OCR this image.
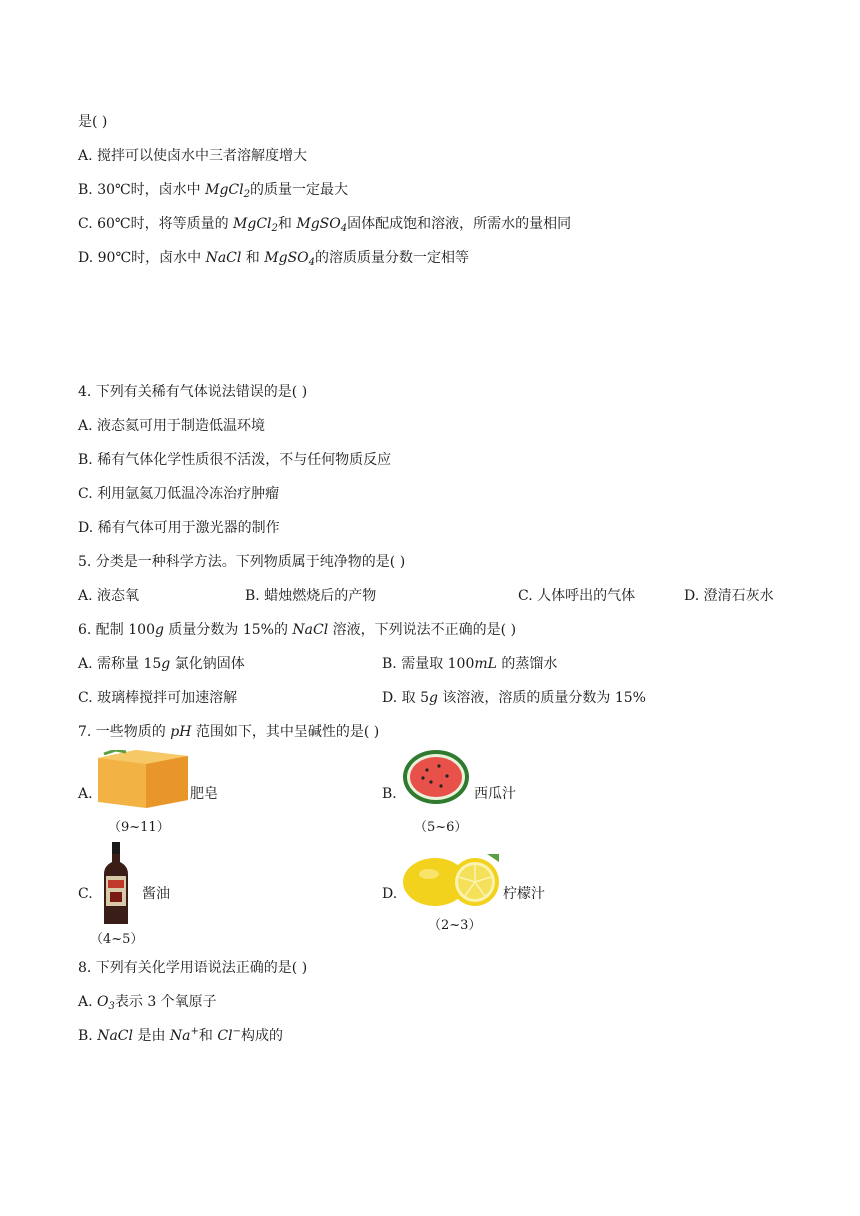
是( )
A. 搅拌可以使卤水中三者溶解度增大
B. 30℃时，卤水中 MgCl$_2$的质量一定最大
C. 60℃时，将等质量的 MgCl$_2$和 MgSO$_4$固体配成饱和溶液，所需水的量相同
D. 90℃时，卤水中 NaCl 和 MgSO$_4$的溶质质量分数一定相等
4. 下列有关稀有气体说法错误的是( )
A. 液态氦可用于制造低温环境
B. 稀有气体化学性质很不活泼，不与任何物质反应
C. 利用氩氦刀低温冷冻治疗肿瘤
D. 稀有气体可用于激光器的制作
5. 分类是一种科学方法。下列物质属于纯净物的是( )
A. 液态氧	B. 蜡烛燃烧后的产物	C. 人体呼出的气体	D. 澄清石灰水
6. 配制 100g 质量分数为 15%的 NaCl 溶液，下列说法不正确的是( )
A. 需称量 15g 氯化钠固体	B. 需量取 100mL 的蒸馏水
C. 玻璃棒搅拌可加速溶解	D. 取 5g 该溶液，溶质的质量分数为 15%
7. 一些物质的 pH 范围如下，其中呈碱性的是( )
A.	肥皂
（9~11）
B.	西瓜汁
（5~6）
C.	酱油
（4~5）
D.	柠檬汁
（2~3）
8. 下列有关化学用语说法正确的是( )
A. $O_3$表示 3 个氧原子
B. NaCl 是由 Na+和 Cl−构成的
